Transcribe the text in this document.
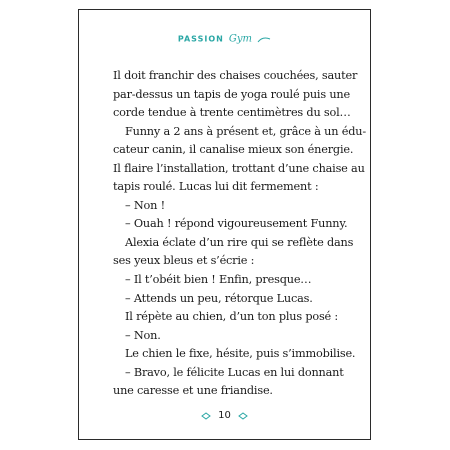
PASSION Gym

Il doit franchir des chaises couchées, sauter

par-dessus un tapis de yoga roulé puis une

corde tendue à trente centimètres du sol…

Funny a 2 ans à présent et, grâce à un édu-

cateur canin, il canalise mieux son énergie.

Il flaire l’installation, trottant d’une chaise au

tapis roulé. Lucas lui dit fermement :

– Non !

– Ouah ! répond vigoureusement Funny.

Alexia éclate d’un rire qui se reflète dans

ses yeux bleus et s’écrie :

– Il t’obéit bien ! Enfin, presque…

– Attends un peu, rétorque Lucas.

Il répète au chien, d’un ton plus posé :

– Non.

Le chien le fixe, hésite, puis s’immobilise.

– Bravo, le félicite Lucas en lui donnant

une caresse et une friandise.

10
